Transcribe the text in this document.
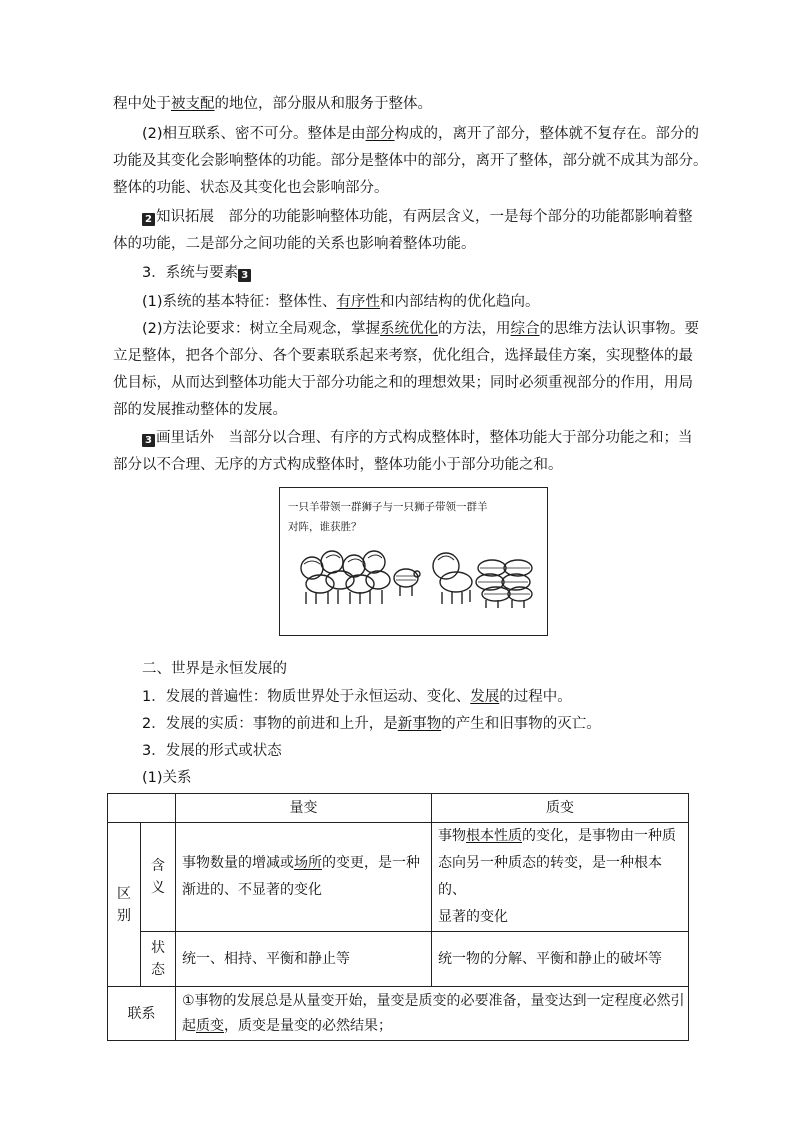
程中处于被支配的地位，部分服从和服务于整体。
(2)相互联系、密不可分。整体是由部分构成的，离开了部分，整体就不复存在。部分的
功能及其变化会影响整体的功能。部分是整体中的部分，离开了整体，部分就不成其为部分。
整体的功能、状态及其变化也会影响部分。
2 知识拓展　部分的功能影响整体功能，有两层含义，一是每个部分的功能都影响着整
体的功能，二是部分之间功能的关系也影响着整体功能。
3．系统与要素 3
(1)系统的基本特征：整体性、有序性和内部结构的优化趋向。
(2)方法论要求：树立全局观念，掌握系统优化的方法，用综合的思维方法认识事物。要
立足整体，把各个部分、各个要素联系起来考察，优化组合，选择最佳方案，实现整体的最
优目标，从而达到整体功能大于部分功能之和的理想效果；同时必须重视部分的作用，用局
部的发展推动整体的发展。
3 画里话外　当部分以合理、有序的方式构成整体时，整体功能大于部分功能之和；当
部分以不合理、无序的方式构成整体时，整体功能小于部分功能之和。
一只羊带领一群狮子与一只狮子带领一群羊
对阵，谁获胜？
二、世界是永恒发展的
1．发展的普遍性：物质世界处于永恒运动、变化、发展的过程中。
2．发展的实质：事物的前进和上升，是新事物的产生和旧事物的灭亡。
3．发展的形式或状态
(1)关系
		量变	质变
区别	含义	事物数量的增减或场所的变更，是一种
渐进的、不显著的变化	事物根本性质的变化，是事物由一种质
态向另一种质态的转变，是一种根本的、
显著的变化
	状态	统一、相持、平衡和静止等	统一物的分解、平衡和静止的破坏等
联系		①事物的发展总是从量变开始，量变是质变的必要准备，量变达到一定程度必然引
起质变，质变是量变的必然结果；	
